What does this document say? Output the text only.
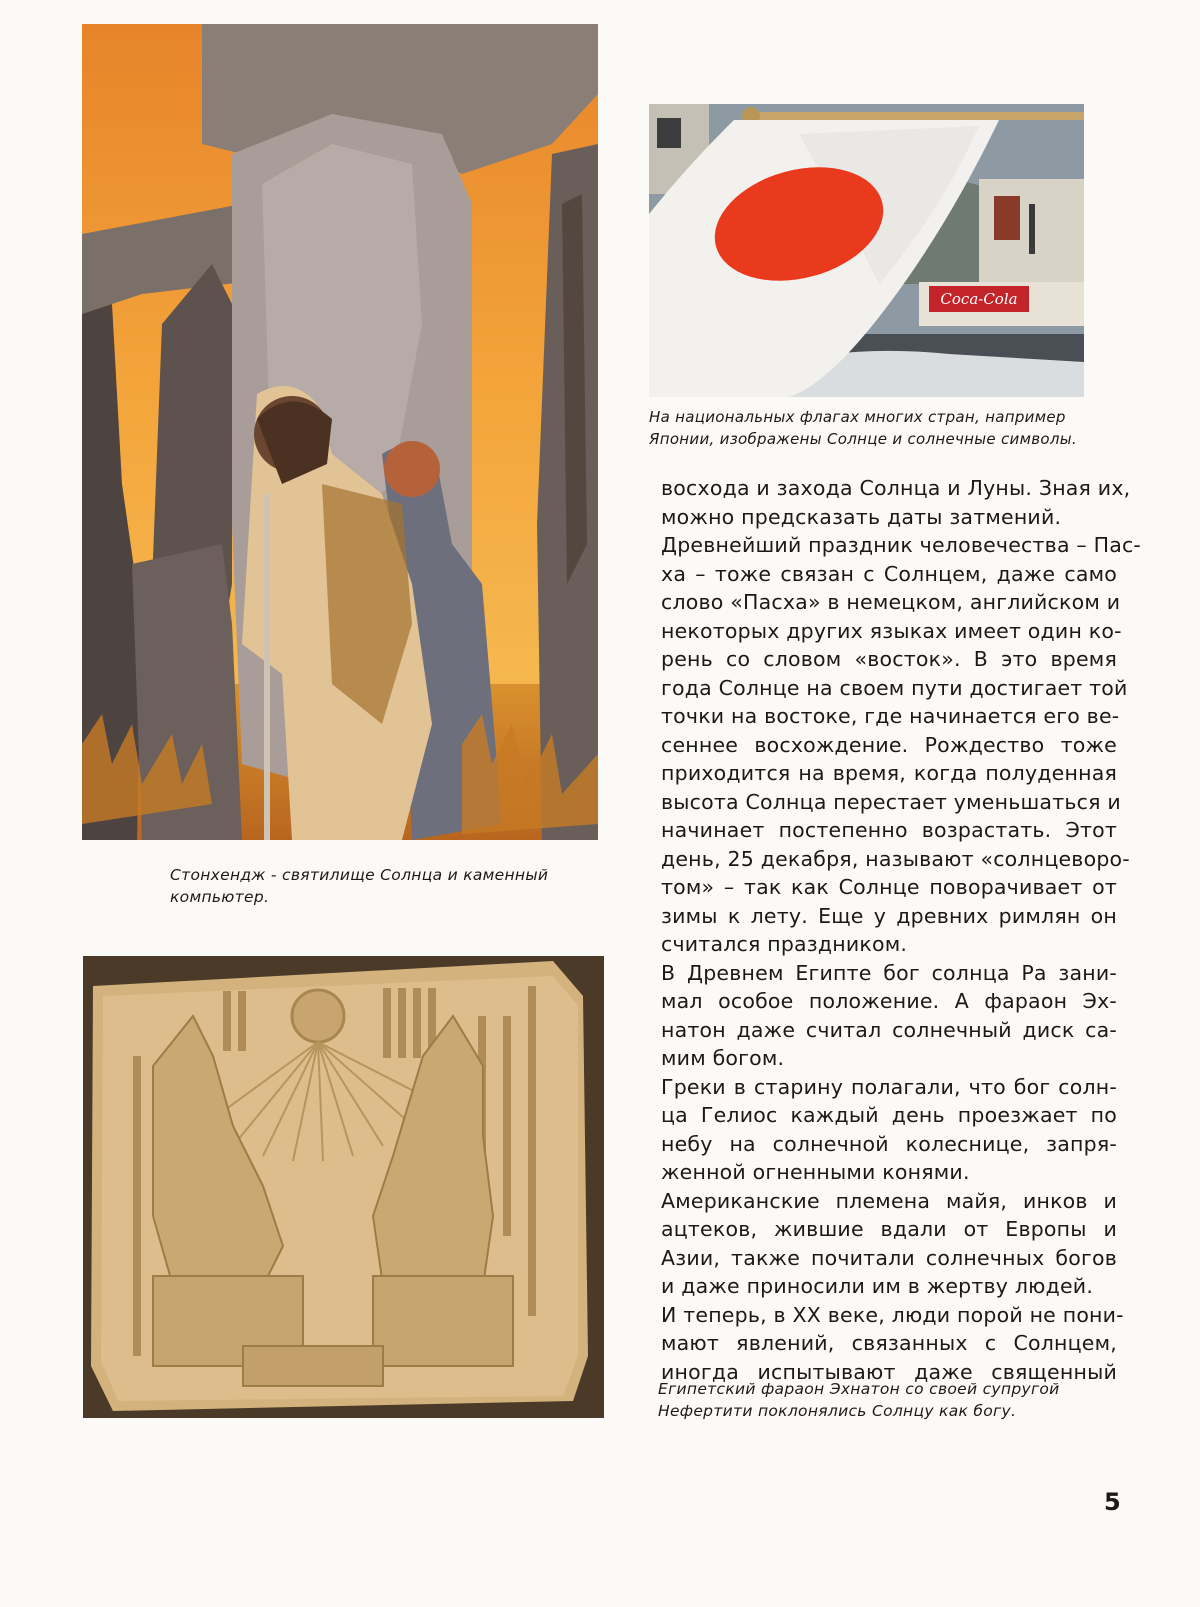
Стонхендж - святилище Солнца и каменный
компьютер.
Coca-Cola
На национальных флагах многих стран, например
Японии, изображены Солнце и солнечные символы.
восхода и захода Солнца и Луны. Зная их,
можно предсказать даты затмений.
Древнейший праздник человечества – Пас-
ха – тоже связан с Солнцем, даже само
слово «Пасха» в немецком, английском и
некоторых других языках имеет один ко-
рень со словом «восток». В это время
года Солнце на своем пути достигает той
точки на востоке, где начинается его ве-
сеннее восхождение. Рождество тоже
приходится на время, когда полуденная
высота Солнца перестает уменьшаться и
начинает постепенно возрастать. Этот
день, 25 декабря, называют «солнцеворо-
том» – так как Солнце поворачивает от
зимы к лету. Еще у древних римлян он
считался праздником.
В Древнем Египте бог солнца Ра зани-
мал особое положение. А фараон Эх-
натон даже считал солнечный диск са-
мим богом.
Греки в старину полагали, что бог солн-
ца Гелиос каждый день проезжает по
небу на солнечной колеснице, запря-
женной огненными конями.
Американские племена майя, инков и
ацтеков, жившие вдали от Европы и
Азии, также почитали солнечных богов
и даже приносили им в жертву людей.
И теперь, в XX веке, люди порой не пони-
мают явлений, связанных с Солнцем,
иногда испытывают даже священный
Египетский фараон Эхнатон со своей супругой
Нефертити поклонялись Солнцу как богу.
5
